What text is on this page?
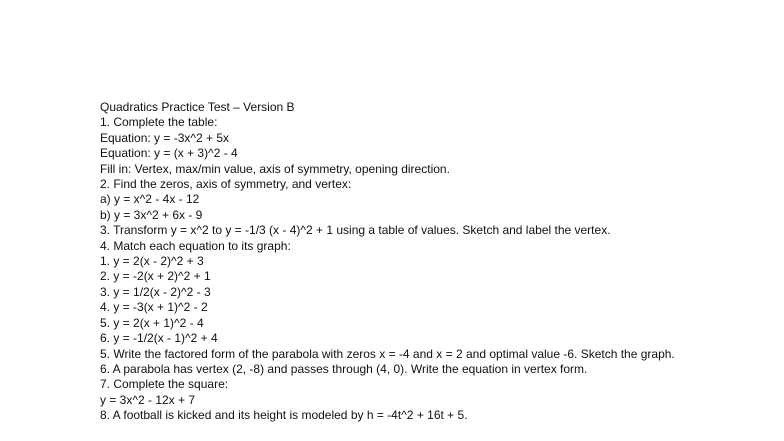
Quadratics Practice Test – Version B

1. Complete the table:

Equation: y = -3x^2 + 5x

Equation: y = (x + 3)^2 - 4

Fill in: Vertex, max/min value, axis of symmetry, opening direction.

2. Find the zeros, axis of symmetry, and vertex:

a) y = x^2 - 4x - 12

b) y = 3x^2 + 6x - 9

3. Transform y = x^2 to y = -1/3 (x - 4)^2 + 1 using a table of values. Sketch and label the vertex.

4. Match each equation to its graph:

1. y = 2(x - 2)^2 + 3

2. y = -2(x + 2)^2 + 1

3. y = 1/2(x - 2)^2 - 3

4. y = -3(x + 1)^2 - 2

5. y = 2(x + 1)^2 - 4

6. y = -1/2(x - 1)^2 + 4

5. Write the factored form of the parabola with zeros x = -4 and x = 2 and optimal value -6. Sketch the graph.

6. A parabola has vertex (2, -8) and passes through (4, 0). Write the equation in vertex form.

7. Complete the square:

y = 3x^2 - 12x + 7

8. A football is kicked and its height is modeled by h = -4t^2 + 16t + 5.
